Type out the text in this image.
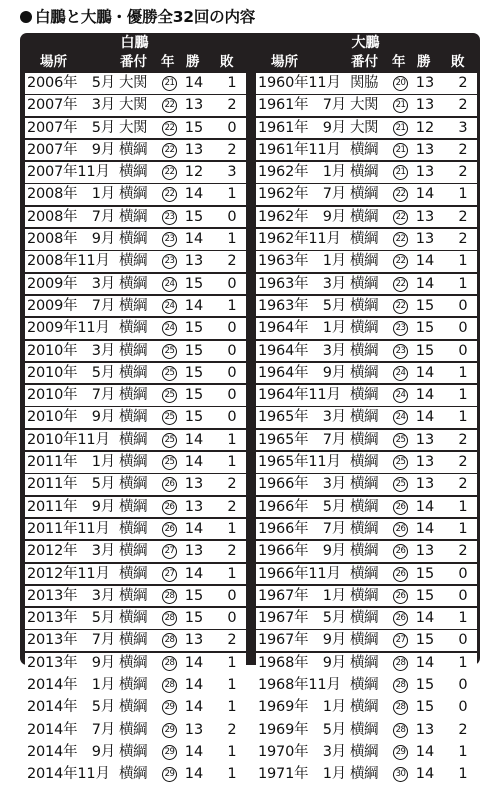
白鵬と大鵬・優勝全32回の内容
白鵬
場所	番付 年 勝 敗
2006年　5月 大関	21 14	1
2007年　3月 大関	22 13	2
2007年　5月 大関	22 15	0
2007年　9月 横綱	22 13	2
2007年11月 横綱	22 12	3
2008年　1月 横綱	22 14	1
2008年　7月 横綱	23 15	0
2008年　9月 横綱	23 14	1
2008年11月 横綱	23 13	2
2009年　3月 横綱	24 15	0
2009年　7月 横綱	24 14	1
2009年11月 横綱	24 15	0
2010年　3月 横綱	25 15	0
2010年　5月 横綱	25 15	0
2010年　7月 横綱	25 15	0
2010年　9月 横綱	25 15	0
2010年11月 横綱	25 14	1
2011年　1月 横綱	25 14	1
2011年　5月 横綱	26 13	2
2011年　9月 横綱	26 13	2
2011年11月 横綱	26 14	1
2012年　3月 横綱	27 13	2
2012年11月 横綱	27 14	1
2013年　3月 横綱	28 15	0
2013年　5月 横綱	28 15	0
2013年　7月 横綱	28 13	2
2013年　9月 横綱	28 14	1
2014年　1月 横綱	28 14	1
2014年　5月 横綱	29 14	1
2014年　7月 横綱	29 13	2
2014年　9月 横綱	29 14	1
2014年11月 横綱	29 14	1
大鵬
場所	番付 年 勝 敗
1960年11月 関脇	20 13	2
1961年　7月 大関	21 13	2
1961年　9月 大関	21 12	3
1961年11月 横綱	21 13	2
1962年　1月 横綱	21 13	2
1962年　7月 横綱	22 14	1
1962年　9月 横綱	22 13	2
1962年11月 横綱	22 13	2
1963年　1月 横綱	22 14	1
1963年　3月 横綱	22 14	1
1963年　5月 横綱	22 15	0
1964年　1月 横綱	23 15	0
1964年　3月 横綱	23 15	0
1964年　9月 横綱	24 14	1
1964年11月 横綱	24 14	1
1965年　3月 横綱	24 14	1
1965年　7月 横綱	25 13	2
1965年11月 横綱	25 13	2
1966年　3月 横綱	25 13	2
1966年　5月 横綱	26 14	1
1966年　7月 横綱	26 14	1
1966年　9月 横綱	26 13	2
1966年11月 横綱	26 15	0
1967年　1月 横綱	26 15	0
1967年　5月 横綱	26 14	1
1967年　9月 横綱	27 15	0
1968年　9月 横綱	28 14	1
1968年11月 横綱	28 15	0
1969年　1月 横綱	28 15	0
1969年　5月 横綱	28 13	2
1970年　3月 横綱	29 14	1
1971年　1月 横綱	30 14	1
